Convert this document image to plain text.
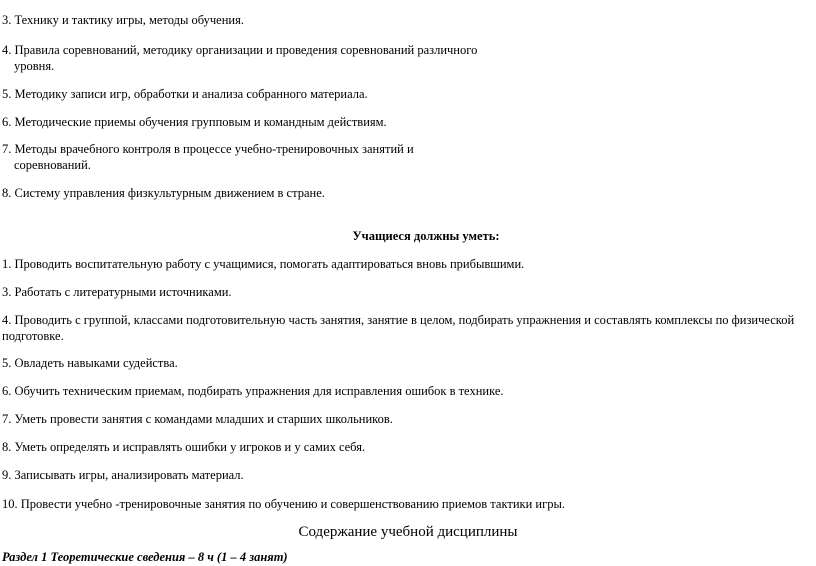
3. Технику и тактику игры, методы обучения.
4. Правила соревнований, методику организации и проведения соревнований различного
уровня.
5. Методику записи игр, обработки и анализа собранного материала.
6. Методические приемы обучения групповым и командным действиям.
7. Методы врачебного контроля в процессе учебно-тренировочных занятий и
соревнований.
8. Систему управления физкультурным движением в стране.
Учащиеся должны уметь:
1. Проводить воспитательную работу с учащимися, помогать адаптироваться вновь прибывшими.
3. Работать с литературными источниками.
4. Проводить с группой, классами подготовительную часть занятия, занятие в целом, подбирать упражнения и составлять комплексы по физической
подготовке.
5. Овладеть навыками судейства.
6. Обучить техническим приемам, подбирать упражнения для исправления ошибок в технике.
7. Уметь провести занятия с командами младших и старших школьников.
8. Уметь определять и исправлять ошибки у игроков и у самих себя.
9. Записывать игры, анализировать материал.
10. Провести учебно -тренировочные занятия по обучению и совершенствованию приемов тактики игры.
Содержание учебной дисциплины
Раздел 1 Теоретические сведения – 8 ч (1 – 4 занят)
